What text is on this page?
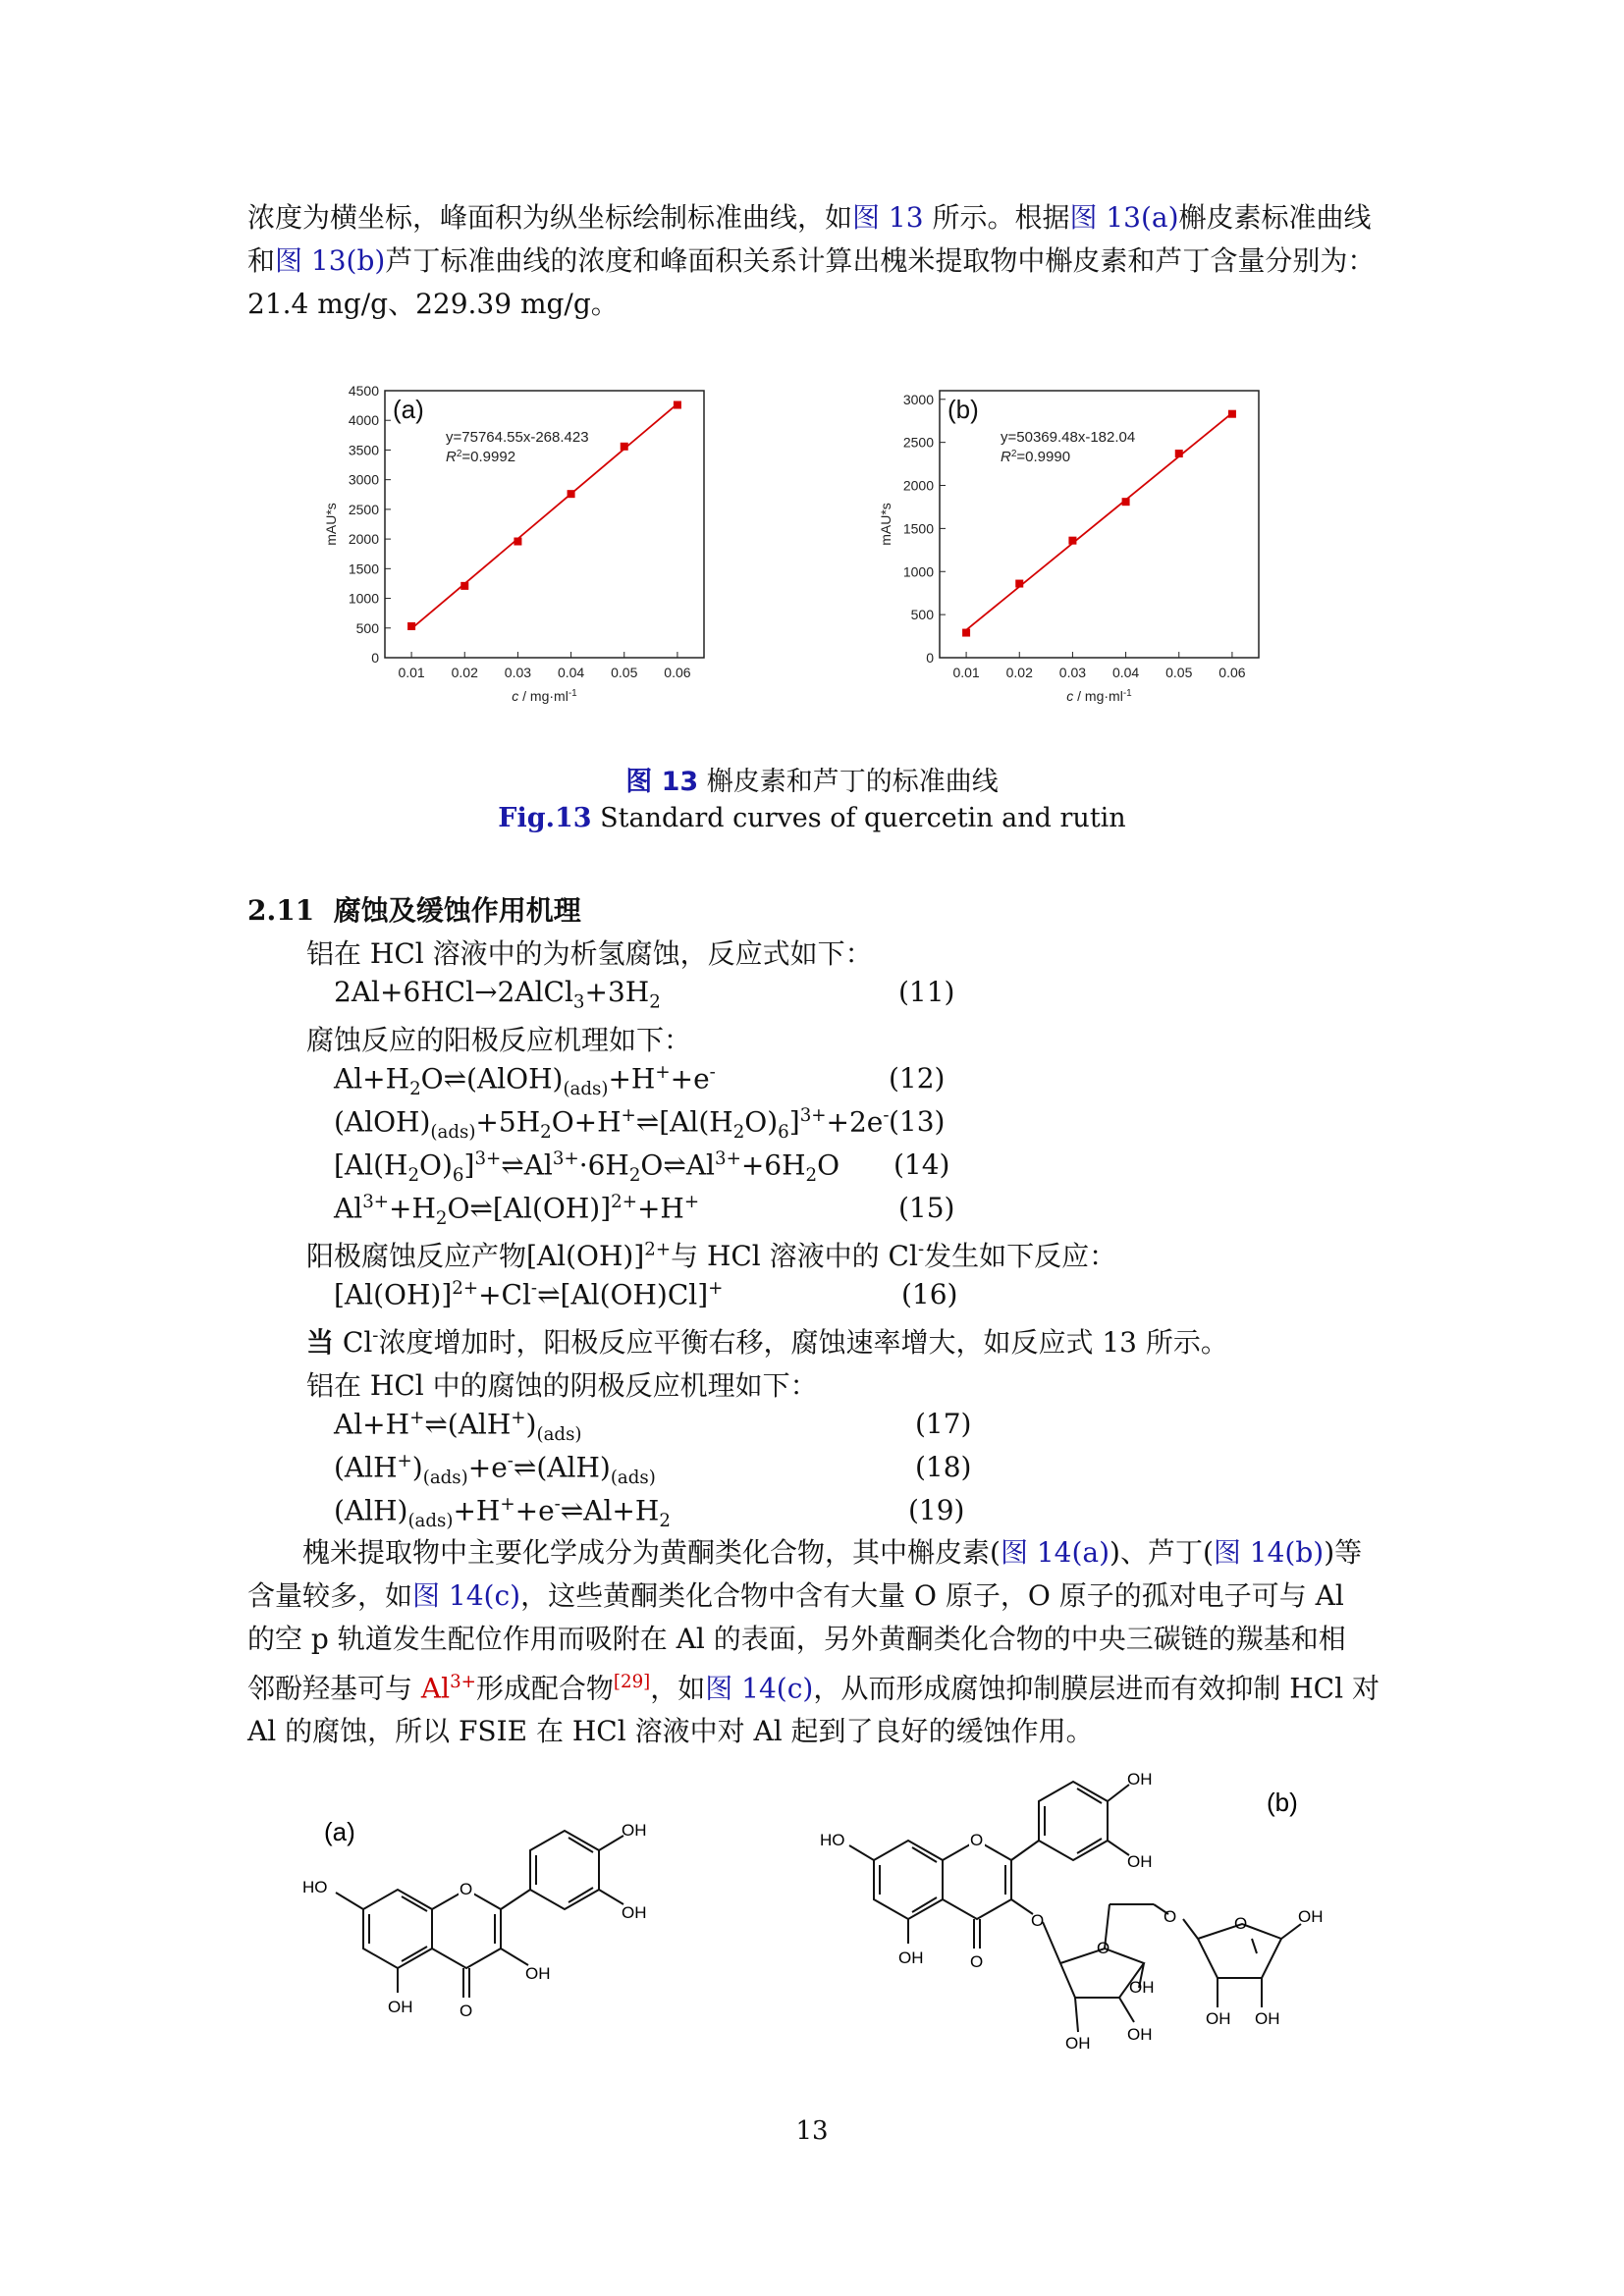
浓度为横坐标，峰面积为纵坐标绘制标准曲线，如图 13 所示。根据图 13(a)槲皮素标准曲线
和图 13(b)芦丁标准曲线的浓度和峰面积关系计算出槐米提取物中槲皮素和芦丁含量分别为：
21.4 mg/g、229.39 mg/g。
0
500
1000
1500
2000
2500
3000
3500
4000
4500
0.01 0.02 0.03 0.04 0.05 0.06
(a)
y=75764.55x-268.423
$R^2=0.9992$
mAU*s
$c / mg\cdot ml^{-1}$
0
500
1000
1500
2000
2500
3000
0.01 0.02 0.03 0.04 0.05 0.06
(b)
y=50369.48x-182.04
$R^2=0.9990$
mAU*s
$c / mg\cdot ml^{-1}$
图 13 槲皮素和芦丁的标准曲线
Fig.13 Standard curves of quercetin and rutin
2.11 腐蚀及缓蚀作用机理
铝在 HCl 溶液中的为析氢腐蚀，反应式如下：
$2Al+6HCl\to 2AlCl_3+3H_2$	(11)
腐蚀反应的阳极反应机理如下：
$Al+H_2O\rightleftharpoons(AlOH)_{(ads)}+H^++e^-$	(12)
$(AlOH)_{(ads)}+5H_2O+H^+\rightleftharpoons[Al(H_2O)_6]^{3+}+2e^-$ (13)
$[Al(H_2O)_6]^{3+}\rightleftharpoons Al^{3+}\cdot 6H_2O\rightleftharpoons Al^{3+}+6H_2O$ (14)
$Al^{3+}+H_2O\rightleftharpoons[Al(OH)]^{2+}+H^+$	(15)
阳极腐蚀反应产物$[Al(OH)]^{2+}$与 HCl 溶液中的 Cl-发生如下反应：
$[Al(OH)]^{2+}+Cl^-\rightleftharpoons[Al(OH)Cl]^+$	(16)
当 Cl-浓度增加时，阳极反应平衡右移，腐蚀速率增大，如反应式 13 所示。
铝在 HCl 中的腐蚀的阴极反应机理如下：
$Al+H^+\rightleftharpoons(AlH^+)_{(ads)}$	(17)
$(AlH^+)_{(ads)}+e^-\rightleftharpoons(AlH)_{(ads)}$	(18)
$(AlH)_{(ads)}+H^++e^-\rightleftharpoons Al+H_2$	(19)
槐米提取物中主要化学成分为黄酮类化合物，其中槲皮素(图 14(a))、芦丁(图 14(b))等
含量较多，如图 14(c)，这些黄酮类化合物中含有大量 O 原子，O 原子的孤对电子可与 Al
的空 p 轨道发生配位作用而吸附在 Al 的表面，另外黄酮类化合物的中央三碳链的羰基和相
邻酚羟基可与 $Al^{3+}$形成配合物[29]，如图 14(c)，从而形成腐蚀抑制膜层进而有效抑制 HCl 对
Al 的腐蚀，所以 FSIE 在 HCl 溶液中对 Al 起到了良好的缓蚀作用。
(a)
O
O
OH
OH
HO
OH
OH
(b)
O
O
OH
HO
O
OH
OH
O
O
OH
OH OH
O	OH
OH OH
13
